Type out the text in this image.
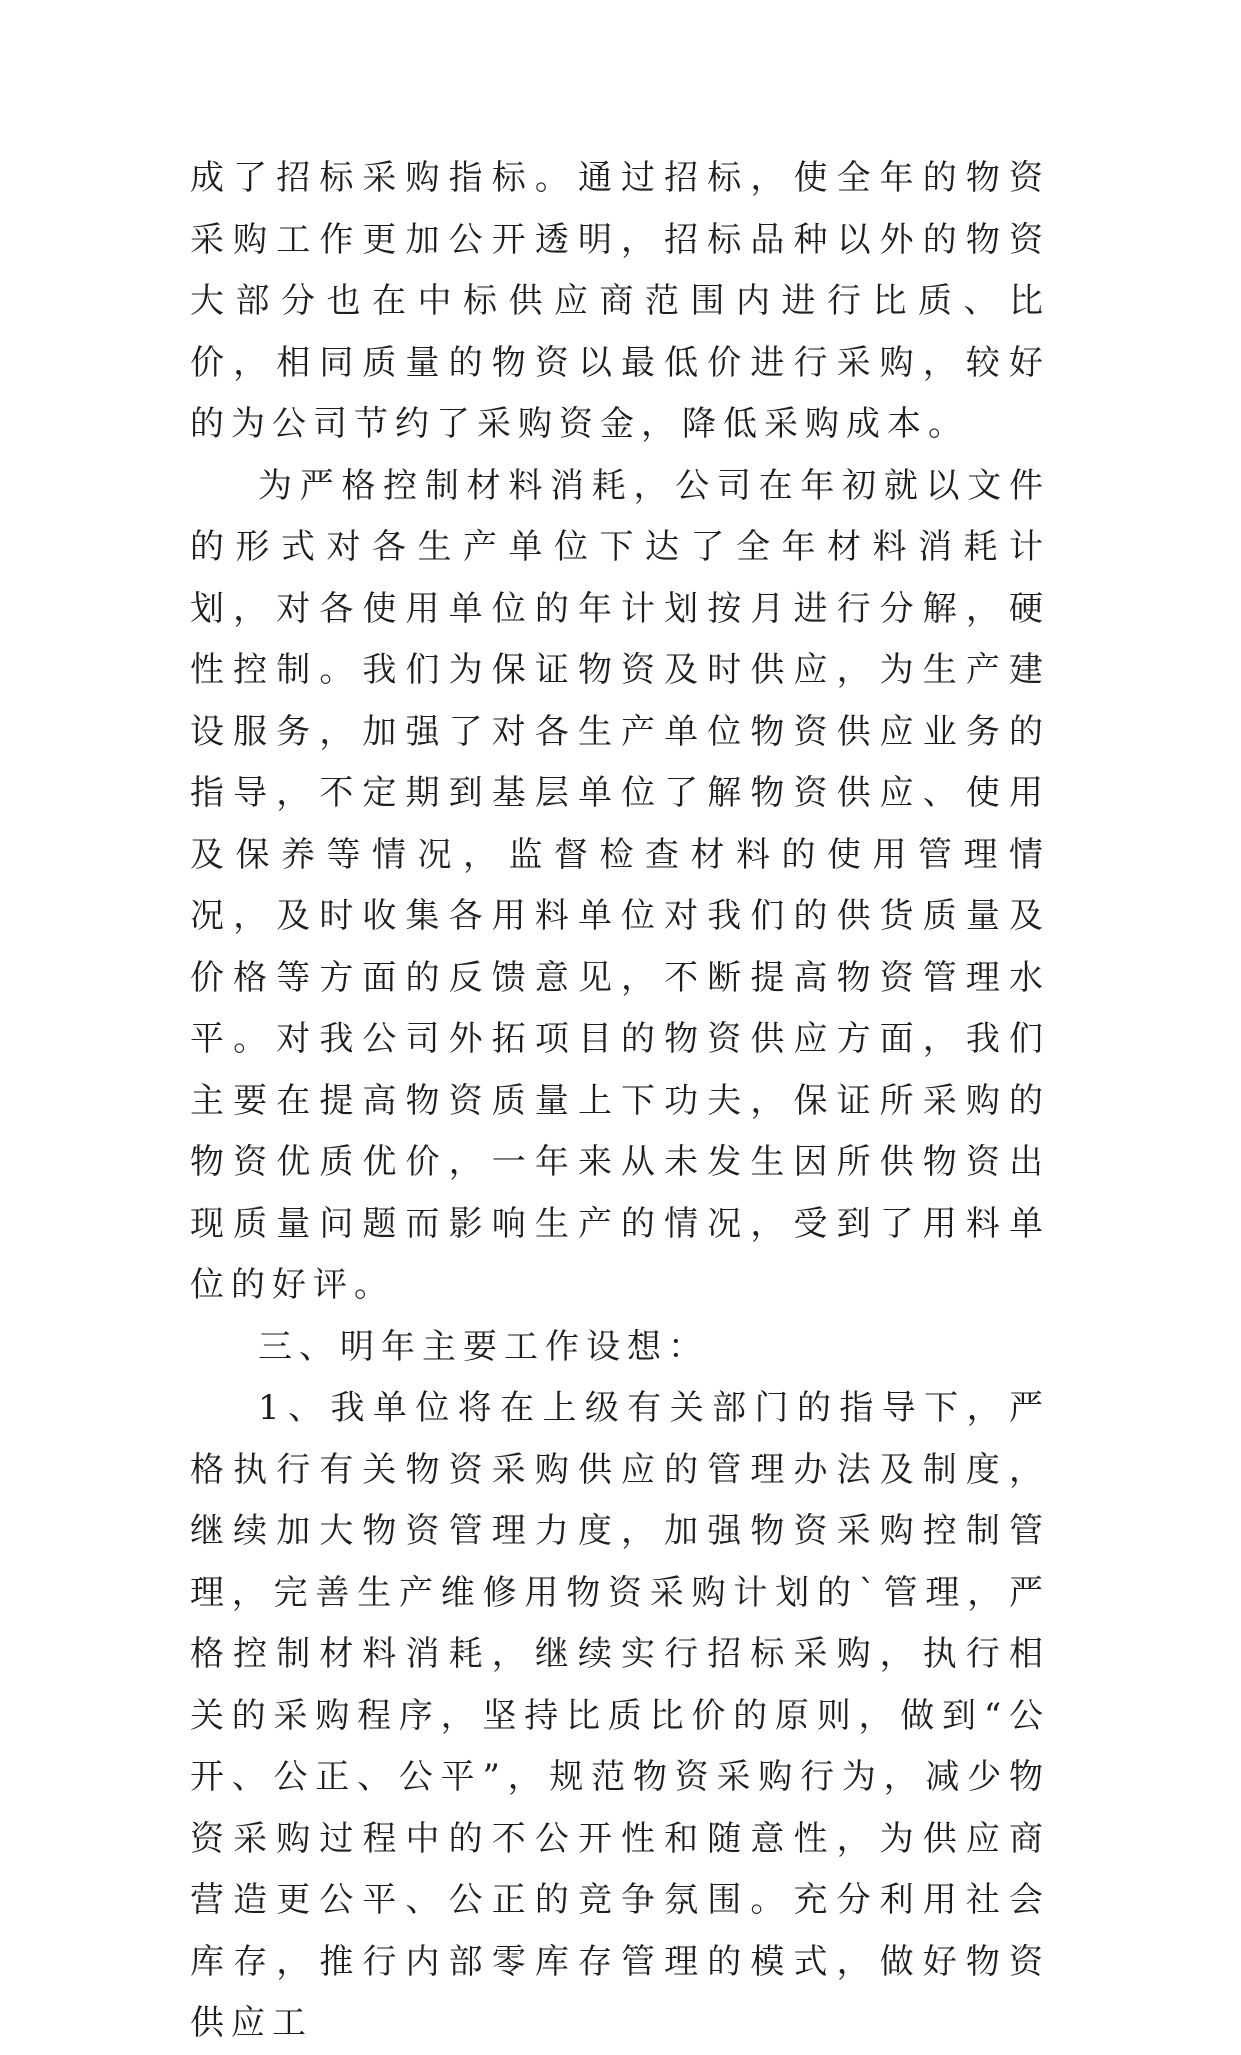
成了招标采购指标。通过招标，使全年的物资采购工作更加公开透明，招标品种以外的物资大部分也在中标供应商范围内进行比质、比价，相同质量的物资以最低价进行采购，较好的为公司节约了采购资金，降低采购成本。

为严格控制材料消耗，公司在年初就以文件的形式对各生产单位下达了全年材料消耗计划，对各使用单位的年计划按月进行分解，硬性控制。我们为保证物资及时供应，为生产建设服务，加强了对各生产单位物资供应业务的指导，不定期到基层单位了解物资供应、使用及保养等情况，监督检查材料的使用管理情况，及时收集各用料单位对我们的供货质量及价格等方面的反馈意见，不断提高物资管理水平。对我公司外拓项目的物资供应方面，我们主要在提高物资质量上下功夫，保证所采购的物资优质优价，一年来从未发生因所供物资出现质量问题而影响生产的情况，受到了用料单位的好评。

三、明年主要工作设想：

1、我单位将在上级有关部门的指导下，严格执行有关物资采购供应的管理办法及制度，继续加大物资管理力度，加强物资采购控制管理，完善生产维修用物资采购计划的`管理，严格控制材料消耗，继续实行招标采购，执行相关的采购程序，坚持比质比价的原则，做到“公开、公正、公平”，规范物资采购行为，减少物资采购过程中的不公开性和随意性，为供应商营造更公平、公正的竞争氛围。充分利用社会库存，推行内部零库存管理的模式，做好物资供应工
